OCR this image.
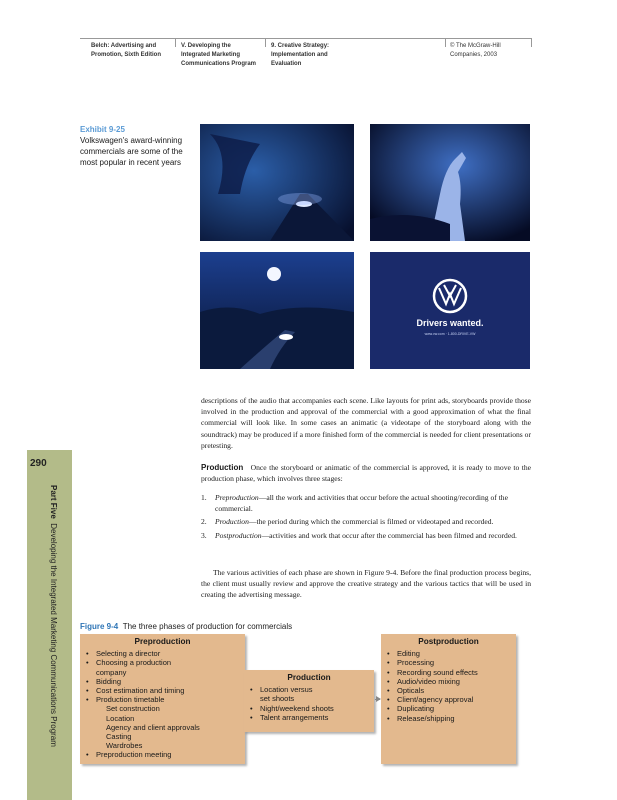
Belch: Advertising and
Promotion, Sixth Edition
V. Developing the
Integrated Marketing
Communications Program
9. Creative Strategy:
Implementation and
Evaluation
© The McGraw-Hill
Companies, 2003
290
Part Five  Developing the Integrated Marketing Communications Program
Exhibit 9-25
Volkswagen's award-winning commercials are some of the most popular in recent years
Drivers wanted.
www.vw.com · 1-800-DRIVE-VW
descriptions of the audio that accompanies each scene. Like layouts for print ads, storyboards provide those involved in the production and approval of the commercial with a good approximation of what the final commercial will look like. In some cases an animatic (a videotape of the storyboard along with the soundtrack) may be produced if a more finished form of the commercial is needed for client presentations or pretesting.
Production Once the storyboard or animatic of the commercial is approved, it is ready to move to the production phase, which involves three stages:
1.	Preproduction—all the work and activities that occur before the actual shooting/recording of the commercial.
2.	Production—the period during which the commercial is filmed or videotaped and recorded.
3.	Postproduction—activities and work that occur after the commercial has been filmed and recorded.
The various activities of each phase are shown in Figure 9-4. Before the final production process begins, the client must usually review and approve the creative strategy and the various tactics that will be used in creating the advertising message.
Figure 9-4 The three phases of production for commercials
Preproduction
• Selecting a director
• Choosing a production
company
• Bidding
• Cost estimation and timing
• Production timetable
Set construction
Location
Agency and client approvals
Casting
Wardrobes
• Preproduction meeting
Production
• Location versus
set shoots
• Night/weekend shoots
• Talent arrangements
Postproduction
• Editing
• Processing
• Recording sound effects
• Audio/video mixing
• Opticals
• Client/agency approval
• Duplicating
• Release/shipping
